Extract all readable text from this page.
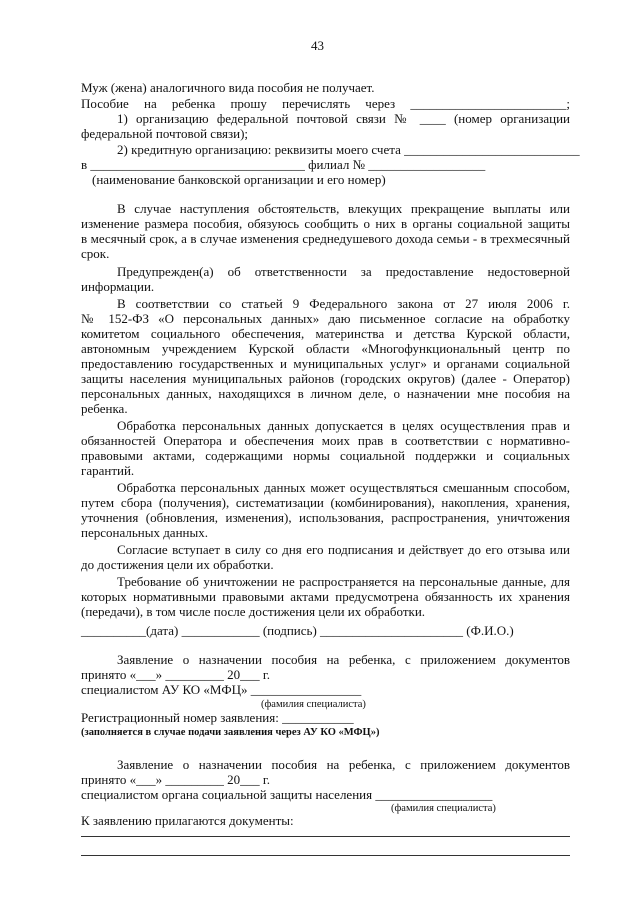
43
Муж (жена) аналогичного вида пособия не получает.
Пособие на ребенка прошу перечислять через ________________________;
1) организацию федеральной почтовой связи № ____ (номер организации
федеральной почтовой связи);
2) кредитную организацию: реквизиты моего счета ___________________________
в _________________________________ филиал № __________________
(наименование банковской организации и его номер)
В случае наступления обстоятельств, влекущих прекращение выплаты или
изменение размера пособия, обязуюсь сообщить о них в органы социальной защиты
в месячный срок, а в случае изменения среднедушевого дохода семьи - в трехмесячный
срок.
Предупрежден(а) об ответственности за предоставление недостоверной
информации.
В соответствии со статьей 9 Федерального закона от 27 июля 2006 г.
№ 152-ФЗ «О персональных данных» даю письменное согласие на обработку
комитетом социального обеспечения, материнства и детства Курской области,
автономным учреждением Курской области «Многофункциональный центр по
предоставлению государственных и муниципальных услуг» и органами социальной
защиты населения муниципальных районов (городских округов) (далее - Оператор)
персональных данных, находящихся в личном деле, о назначении мне пособия на
ребенка.
Обработка персональных данных допускается в целях осуществления прав и
обязанностей Оператора и обеспечения моих прав в соответствии с нормативно-
правовыми актами, содержащими нормы социальной поддержки и социальных
гарантий.
Обработка персональных данных может осуществляться смешанным способом,
путем сбора (получения), систематизации (комбинирования), накопления, хранения,
уточнения (обновления, изменения), использования, распространения, уничтожения
персональных данных.
Согласие вступает в силу со дня его подписания и действует до его отзыва или
до достижения цели их обработки.
Требование об уничтожении не распространяется на персональные данные, для
которых нормативными правовыми актами предусмотрена обязанность их хранения
(передачи), в том числе после достижения цели их обработки.
__________(дата) ____________ (подпись) ______________________ (Ф.И.О.)
Заявление о назначении пособия на ребенка, с приложением документов
принято «___» _________ 20___ г.
специалистом АУ КО «МФЦ» _________________
(фамилия специалиста)
Регистрационный номер заявления: ___________
(заполняется в случае подачи заявления через АУ КО «МФЦ»)
Заявление о назначении пособия на ребенка, с приложением документов
принято «___» _________ 20___ г.
специалистом органа социальной защиты населения __________________
(фамилия специалиста)
К заявлению прилагаются документы:
